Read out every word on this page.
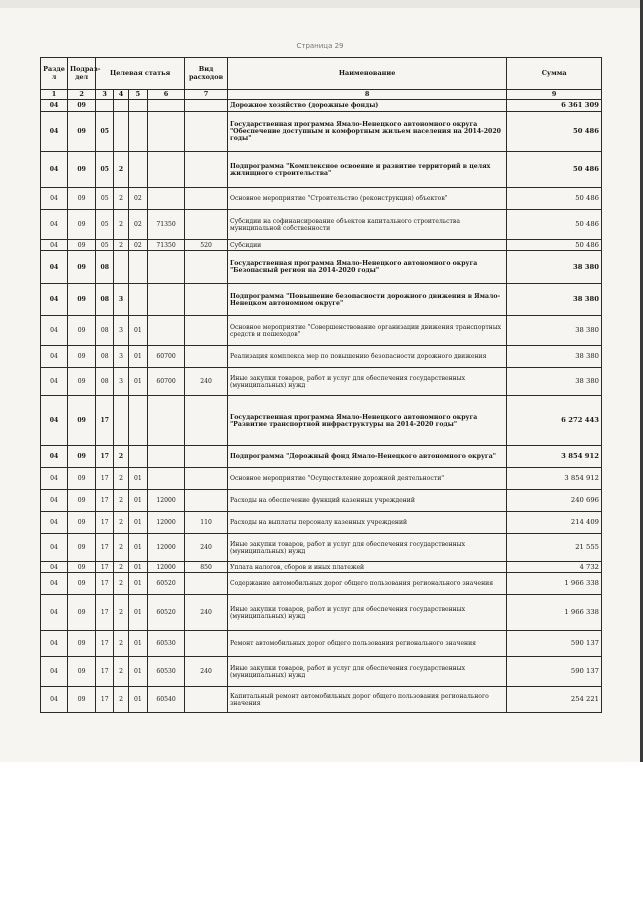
Страница 29
Разде л	Подраз- дел	Целевая статья				Вид расходов	Наименование	Сумма
1	2	3	4	5	6	7	8	9
04	09						Дорожное хозяйство (дорожные фонды)	6 361 309
04	09	05					Государственная программа Ямало-Ненецкого автономного округа "Обеспечение доступным и комфортным жильем населения на 2014-2020 годы"	50 486
04	09	05	2				Подпрограмма "Комплексное освоение и развитие территорий в целях жилищного строительства"	50 486
04	09	05	2	02			Основное мероприятие "Строительство (реконструкция) объектов"	50 486
04	09	05	2	02	71350		Субсидии на софинансирование объектов капитального строительства муниципальной собственности	50 486
04	09	05	2	02	71350	520	Субсидии	50 486
04	09	08					Государственная программа Ямало-Ненецкого автономного округа "Безопасный регион на 2014-2020 годы"	38 380
04	09	08	3				Подпрограмма "Повышение безопасности дорожного движения в Ямало-Ненецком автономном округе"	38 380
04	09	08	3	01			Основное мероприятие "Совершенствование организации движения транспортных средств и пешеходов"	38 380
04	09	08	3	01	60700		Реализация комплекса мер по повышению безопасности дорожного движения	38 380
04	09	08	3	01	60700	240	Иные закупки товаров, работ и услуг для обеспечения государственных (муниципальных) нужд	38 380
04	09	17					Государственная программа Ямало-Ненецкого автономного округа "Развитие транспортной инфраструктуры на 2014-2020 годы"	6 272 443
04	09	17	2				Подпрограмма "Дорожный фонд Ямало-Ненецкого автономного округа"	3 854 912
04	09	17	2	01			Основное мероприятие "Осуществление дорожной деятельности"	3 854 912
04	09	17	2	01	12000		Расходы на обеспечение функций казенных учреждений	240 696
04	09	17	2	01	12000	110	Расходы на выплаты персоналу казенных учреждений	214 409
04	09	17	2	01	12000	240	Иные закупки товаров, работ и услуг для обеспечения государственных (муниципальных) нужд	21 555
04	09	17	2	01	12000	850	Уплата налогов, сборов и иных платежей	4 732
04	09	17	2	01	60520		Содержание автомобильных дорог общего пользования регионального значения	1 966 338
04	09	17	2	01	60520	240	Иные закупки товаров, работ и услуг для обеспечения государственных (муниципальных) нужд	1 966 338
04	09	17	2	01	60530		Ремонт автомобильных дорог общего пользования регионального значения	590 137
04	09	17	2	01	60530	240	Иные закупки товаров, работ и услуг для обеспечения государственных (муниципальных) нужд	590 137
04	09	17	2	01	60540		Капитальный ремонт автомобильных дорог общего пользования регионального значения	254 221
